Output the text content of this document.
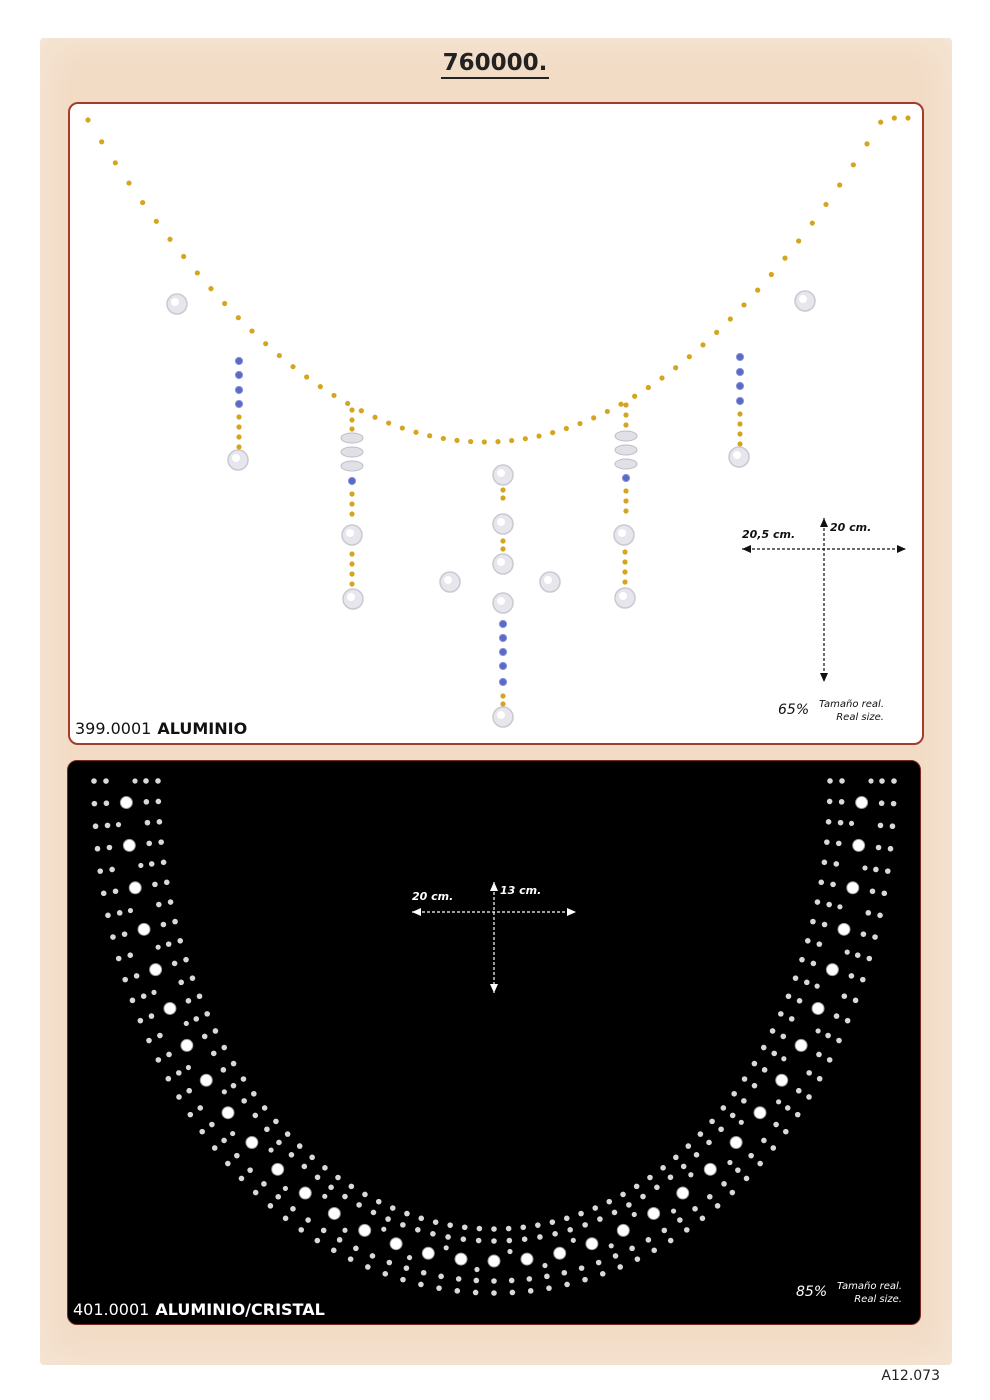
760000.
399.0001 ALUMINIO
20,5 cm.
20 cm.
65% Tamaño real.
Real size.
401.0001 ALUMINIO/CRISTAL
20 cm.	13 cm.
85% Tamaño real.
Real size.
A12.073
